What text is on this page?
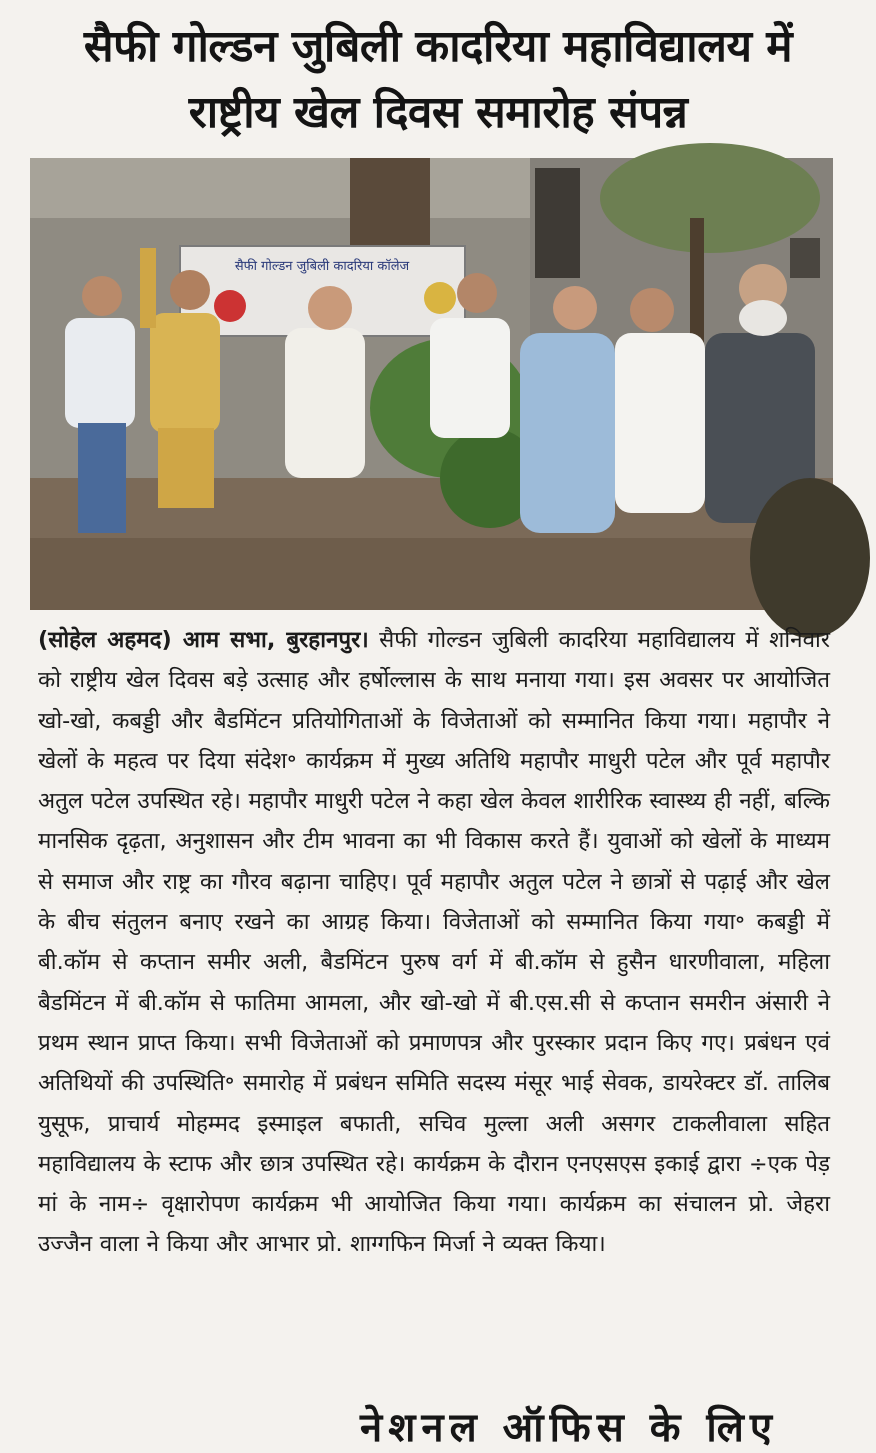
सैफी गोल्डन जुबिली कादरिया महाविद्यालय में
राष्ट्रीय खेल दिवस समारोह संपन्न
सैफी गोल्डन जुबिली कादरिया कॉलेज
(सोहेल अहमद) आम सभा, बुरहानपुर। सैफी गोल्डन जुबिली कादरिया महाविद्यालय में शनिवार को राष्ट्रीय खेल दिवस बड़े उत्साह और हर्षोल्लास के साथ मनाया गया। इस अवसर पर आयोजित खो-खो, कबड्डी और बैडमिंटन प्रतियोगिताओं के विजेताओं को सम्मानित किया गया। महापौर ने खेलों के महत्व पर दिया संदेश॰ कार्यक्रम में मुख्य अतिथि महापौर माधुरी पटेल और पूर्व महापौर अतुल पटेल उपस्थित रहे। महापौर माधुरी पटेल ने कहा खेल केवल शारीरिक स्वास्थ्य ही नहीं, बल्कि मानसिक दृढ़ता, अनुशासन और टीम भावना का भी विकास करते हैं। युवाओं को खेलों के माध्यम से समाज और राष्ट्र का गौरव बढ़ाना चाहिए। पूर्व महापौर अतुल पटेल ने छात्रों से पढ़ाई और खेल के बीच संतुलन बनाए रखने का आग्रह किया। विजेताओं को सम्मानित किया गया॰ कबड्डी में बी.कॉम से कप्तान समीर अली, बैडमिंटन पुरुष वर्ग में बी.कॉम से हुसैन धारणीवाला, महिला बैडमिंटन में बी.कॉम से फातिमा आमला, और खो-खो में बी.एस.सी से कप्तान समरीन अंसारी ने प्रथम स्थान प्राप्त किया। सभी विजेताओं को प्रमाणपत्र और पुरस्कार प्रदान किए गए। प्रबंधन एवं अतिथियों की उपस्थिति॰ समारोह में प्रबंधन समिति सदस्य मंसूर भाई सेवक, डायरेक्टर डॉ. तालिब युसूफ, प्राचार्य मोहम्मद इस्माइल बफाती, सचिव मुल्ला अली असगर टाकलीवाला सहित महाविद्यालय के स्टाफ और छात्र उपस्थित रहे। कार्यक्रम के दौरान एनएसएस इकाई द्वारा ÷एक पेड़ मां के नाम÷ वृक्षारोपण कार्यक्रम भी आयोजित किया गया। कार्यक्रम का संचालन प्रो. जेहरा उज्जैन वाला ने किया और आभार प्रो. शाग्गफिन मिर्जा ने व्यक्त किया।
नेशनल ऑफिस के लिए
